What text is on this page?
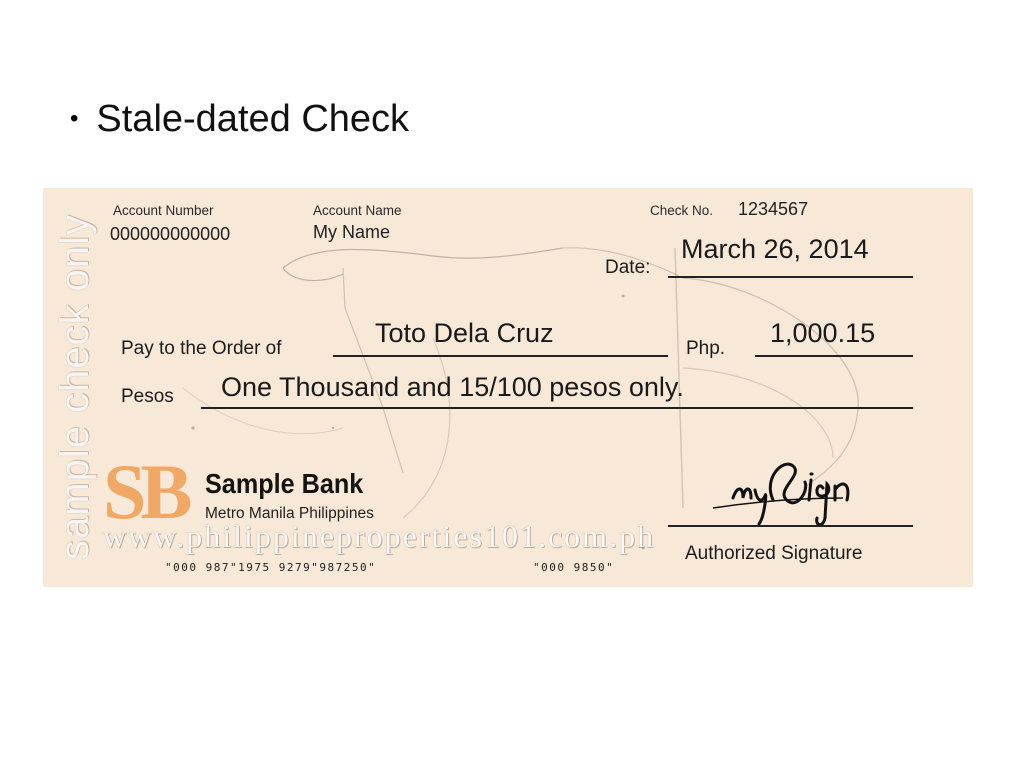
• Stale-dated Check
sample check only
Account Number
000000000000
Account Name
My Name
Check No. 1234567
Date:
March 26, 2014
Pay to the Order of
Toto Dela Cruz
Php.
1,000.15
Pesos One Thousand and 15/100 pesos only.
SB Sample Bank
Metro Manila Philippines
www.philippineproperties101.com.ph
"000 987"1975 9279"987250"	"000 9850"
Authorized Signature
